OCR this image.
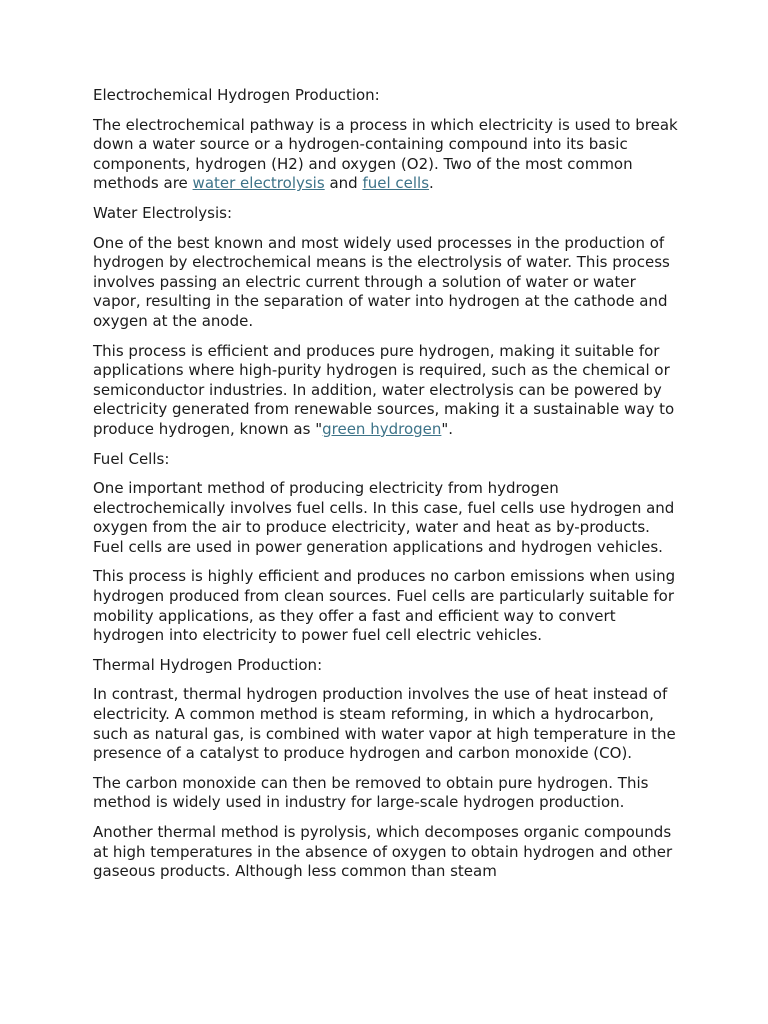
Electrochemical Hydrogen Production:

The electrochemical pathway is a process in which electricity is used to break down a water source or a hydrogen-containing compound into its basic components, hydrogen (H2) and oxygen (O2). Two of the most common methods are water electrolysis and fuel cells.

Water Electrolysis:

One of the best known and most widely used processes in the production of hydrogen by electrochemical means is the electrolysis of water. This process involves passing an electric current through a solution of water or water vapor, resulting in the separation of water into hydrogen at the cathode and oxygen at the anode.

This process is efficient and produces pure hydrogen, making it suitable for applications where high-purity hydrogen is required, such as the chemical or semiconductor industries. In addition, water electrolysis can be powered by electricity generated from renewable sources, making it a sustainable way to produce hydrogen, known as "green hydrogen".

Fuel Cells:

One important method of producing electricity from hydrogen electrochemically involves fuel cells. In this case, fuel cells use hydrogen and oxygen from the air to produce electricity, water and heat as by-products. Fuel cells are used in power generation applications and hydrogen vehicles.

This process is highly efficient and produces no carbon emissions when using hydrogen produced from clean sources. Fuel cells are particularly suitable for mobility applications, as they offer a fast and efficient way to convert hydrogen into electricity to power fuel cell electric vehicles.

Thermal Hydrogen Production:

In contrast, thermal hydrogen production involves the use of heat instead of electricity. A common method is steam reforming, in which a hydrocarbon, such as natural gas, is combined with water vapor at high temperature in the presence of a catalyst to produce hydrogen and carbon monoxide (CO).

The carbon monoxide can then be removed to obtain pure hydrogen. This method is widely used in industry for large-scale hydrogen production.

Another thermal method is pyrolysis, which decomposes organic compounds at high temperatures in the absence of oxygen to obtain hydrogen and other gaseous products. Although less common than steam
